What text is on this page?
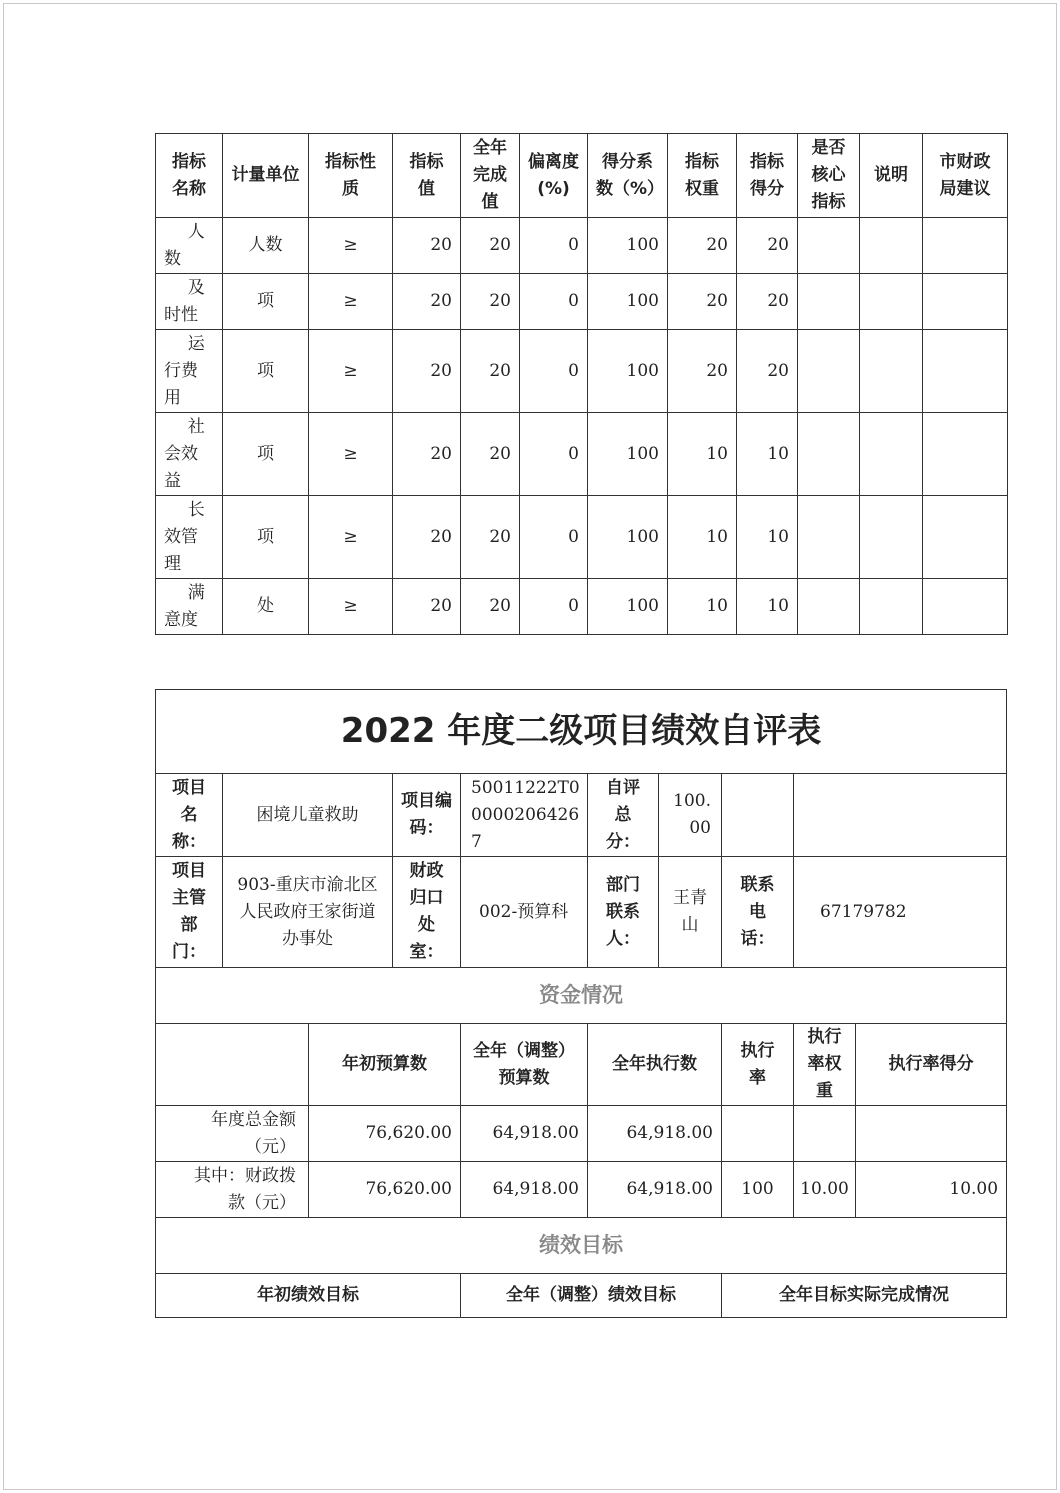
指标名称	计量单位	指标性质	指标值	全年完成值	偏离度(%)	得分系数（%）	指标权重	指标得分	是否核心指标	说明	市财政局建议
人数	人数	≥	20	20	0	100	20	20			
及时性	项	≥	20	20	0	100	20	20			
运行费用	项	≥	20	20	0	100	20	20			
社会效益	项	≥	20	20	0	100	10	10			
长效管理	项	≥	20	20	0	100	10	10			
满意度	处	≥	20	20	0	100	10	10			
2022 年度二级项目绩效自评表									
项目名称：	困境儿童救助		项目编码：	50011222T000002064267	自评总分：	100.00			
项目主管部门：	903-重庆市渝北区人民政府王家街道办事处		财政归口处室：	002-预算科	部门联系人：	王青山	联系电话：	67179782	
资金情况									
		年初预算数		全年（调整）预算数	全年执行数		执行率	执行率权重	执行率得分
年度总金额（元）		76,620.00		64,918.00	64,918.00				
其中：财政拨款（元）		76,620.00		64,918.00	64,918.00		100	10.00	10.00
绩效目标									
年初绩效目标				全年（调整）绩效目标			全年目标实际完成情况		
